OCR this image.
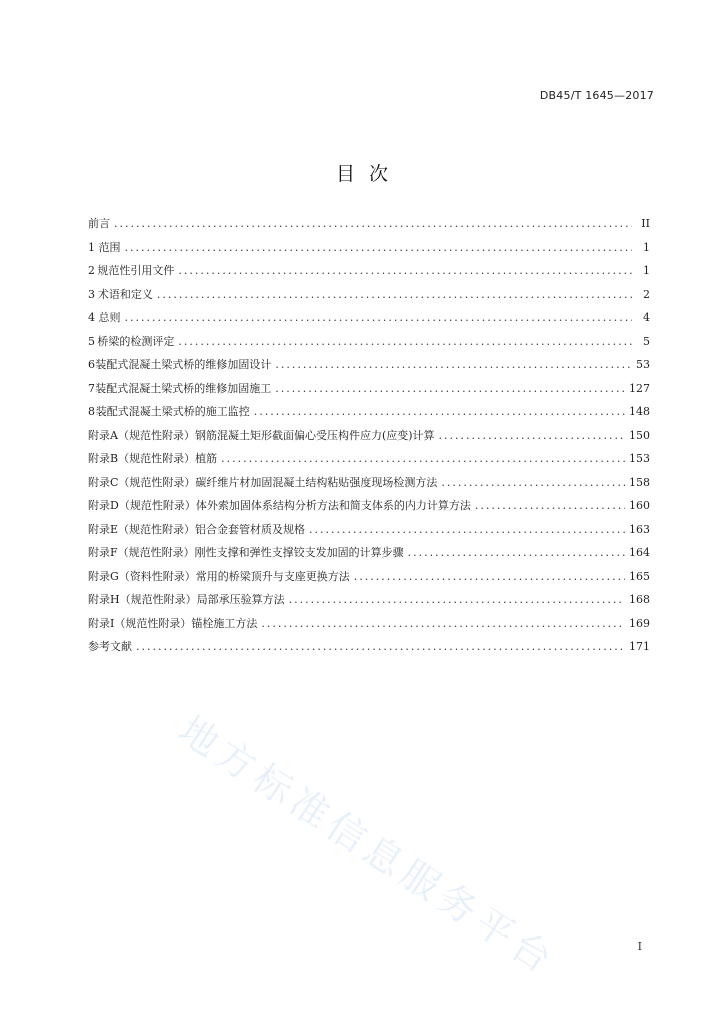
DB45/T 1645—2017
目次
前言 .....	II
1 范围 .....	1
2 规范性引用文件 .....	1
3 术语和定义 .....	2
4 总则 .....	4
5 桥梁的检测评定 .....	5
6 装配式混凝土梁式桥的维修加固设计 .....	53
7 装配式混凝土梁式桥的维修加固施工 .....	127
8 装配式混凝土梁式桥的施工监控 .....	148
附录A（规范性附录） 钢筋混凝土矩形截面偏心受压构件应力(应变)计算 .....	150
附录B（规范性附录） 植筋 .....	153
附录C（规范性附录） 碳纤维片材加固混凝土结构粘贴强度现场检测方法 .....	158
附录D（规范性附录） 体外索加固体系结构分析方法和简支体系的内力计算方法 .....	160
附录E（规范性附录） 铝合金套管材质及规格 .....	163
附录F（规范性附录） 刚性支撑和弹性支撑铰支发加固的计算步骤 .....	164
附录G（资料性附录） 常用的桥梁顶升与支座更换方法 .....	165
附录H（规范性附录） 局部承压验算方法 .....	168
附录I（规范性附录） 锚栓施工方法 .....	169
参考文献 .....	171
地方标准信息服务平台	I
